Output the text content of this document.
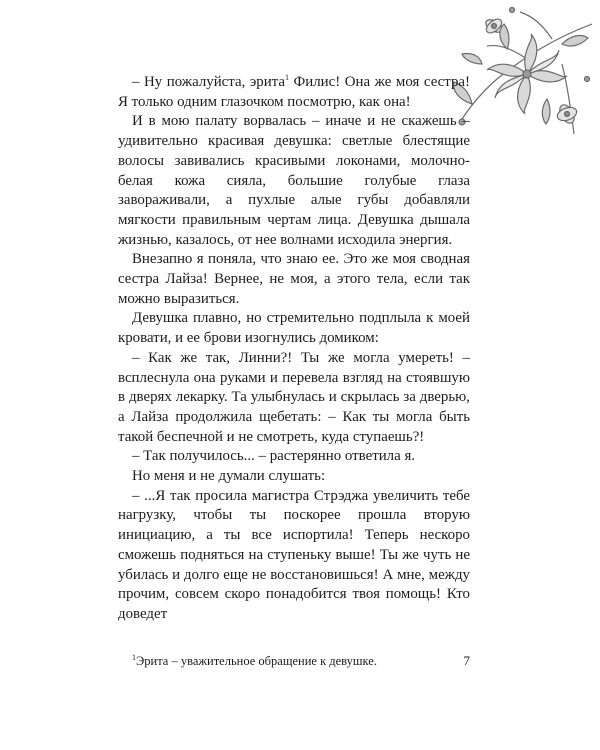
– Ну пожалуйста, эрита$^1$ Филис! Она же моя сестра! Я только одним глазочком посмотрю, как она!

И в мою палату ворвалась – иначе и не скажешь – удивительно красивая девушка: светлые блестящие волосы завивались красивыми локонами, молочно-белая кожа сияла, большие голубые глаза завораживали, а пухлые алые губы добавляли мягкости правильным чертам лица. Девушка дышала жизнью, казалось, от нее волнами исходила энергия.

Внезапно я поняла, что знаю ее. Это же моя сводная сестра Лайза! Вернее, не моя, а этого тела, если так можно выразиться.

Девушка плавно, но стремительно подплыла к моей кровати, и ее брови изогнулись домиком:

– Как же так, Линни?! Ты же могла умереть! – всплеснула она руками и перевела взгляд на стоявшую в дверях лекарку. Та улыбнулась и скрылась за дверью, а Лайза продолжила щебетать: – Как ты могла быть такой беспечной и не смотреть, куда ступаешь?!

– Так получилось... – растерянно ответила я.

Но меня и не думали слушать:

– ...Я так просила магистра Стрэджа увеличить тебе нагрузку, чтобы ты поскорее прошла вторую инициацию, а ты все испортила! Теперь нескоро сможешь подняться на ступеньку выше! Ты же чуть не убилась и долго еще не восстановишься! А мне, между прочим, совсем скоро понадобится твоя помощь! Кто доведет

$^1$Эрита – уважительное обращение к девушке.	7
